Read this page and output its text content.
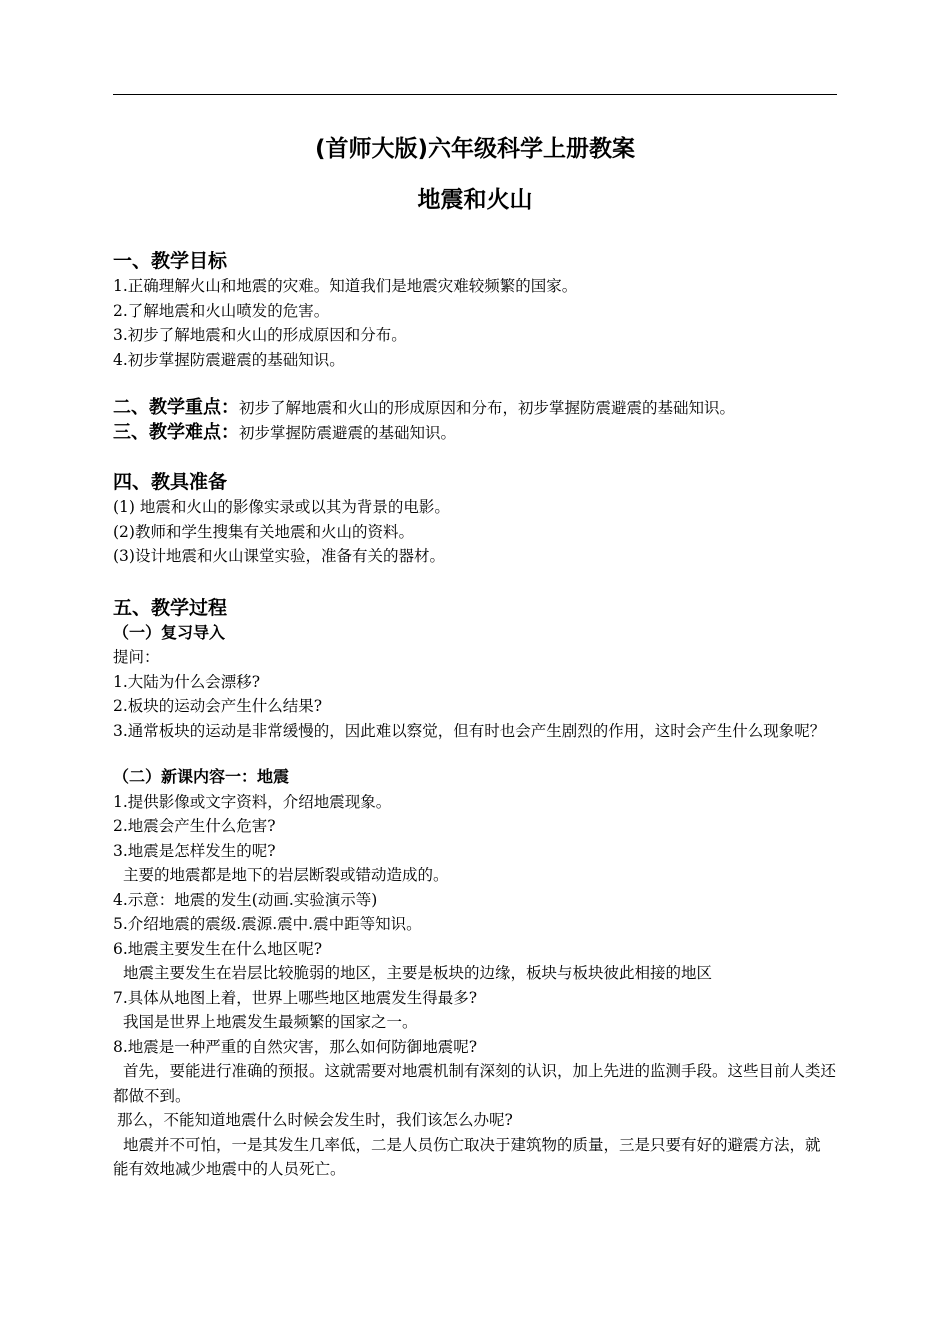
(首师大版)六年级科学上册教案
地震和火山
一、教学目标
1.正确理解火山和地震的灾难。知道我们是地震灾难较频繁的国家。
2.了解地震和火山喷发的危害。
3.初步了解地震和火山的形成原因和分布。
4.初步掌握防震避震的基础知识。
二、教学重点：初步了解地震和火山的形成原因和分布，初步掌握防震避震的基础知识。
三、教学难点：初步掌握防震避震的基础知识。
四、教具准备
(1) 地震和火山的影像实录或以其为背景的电影。
(2)教师和学生搜集有关地震和火山的资料。
(3)设计地震和火山课堂实验，准备有关的器材。
五、教学过程
（一）复习导入
提问：
1.大陆为什么会漂移?
2.板块的运动会产生什么结果?
3.通常板块的运动是非常缓慢的，因此难以察觉，但有时也会产生剧烈的作用，这时会产生什么现象呢？
（二）新课内容一：地震
1.提供影像或文字资料，介绍地震现象。
2.地震会产生什么危害?
3.地震是怎样发生的呢?
主要的地震都是地下的岩层断裂或错动造成的。
4.示意：地震的发生(动画.实验演示等)
5.介绍地震的震级.震源.震中.震中距等知识。
6.地震主要发生在什么地区呢?
地震主要发生在岩层比较脆弱的地区，主要是板块的边缘，板块与板块彼此相接的地区
7.具体从地图上着，世界上哪些地区地震发生得最多?
我国是世界上地震发生最频繁的国家之一。
8.地震是一种严重的自然灾害，那么如何防御地震呢?
首先，要能进行准确的预报。这就需要对地震机制有深刻的认识，加上先进的监测手段。这些目前人类还都做不到。
那么，不能知道地震什么时候会发生时，我们该怎么办呢?
地震并不可怕，一是其发生几率低，二是人员伤亡取决于建筑物的质量，三是只要有好的避震方法，就能有效地减少地震中的人员死亡。
